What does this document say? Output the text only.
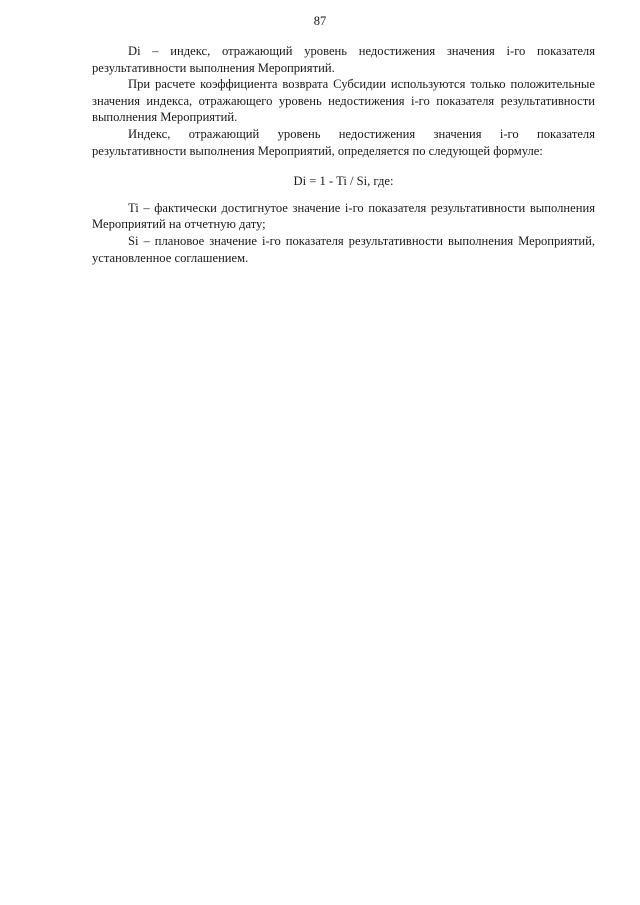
87

Di – индекс, отражающий уровень недостижения значения i-го показателя результативности выполнения Мероприятий.

При расчете коэффициента возврата Субсидии используются только положительные значения индекса, отражающего уровень недостижения i-го показателя результативности выполнения Мероприятий.

Индекс, отражающий уровень недостижения значения i-го показателя результативности выполнения Мероприятий, определяется по следующей формуле:

Di = 1 - Ti / Si, где:

Ti – фактически достигнутое значение i-го показателя результативности выполнения Мероприятий на отчетную дату;

Si – плановое значение i-го показателя результативности выполнения Мероприятий, установленное соглашением.
